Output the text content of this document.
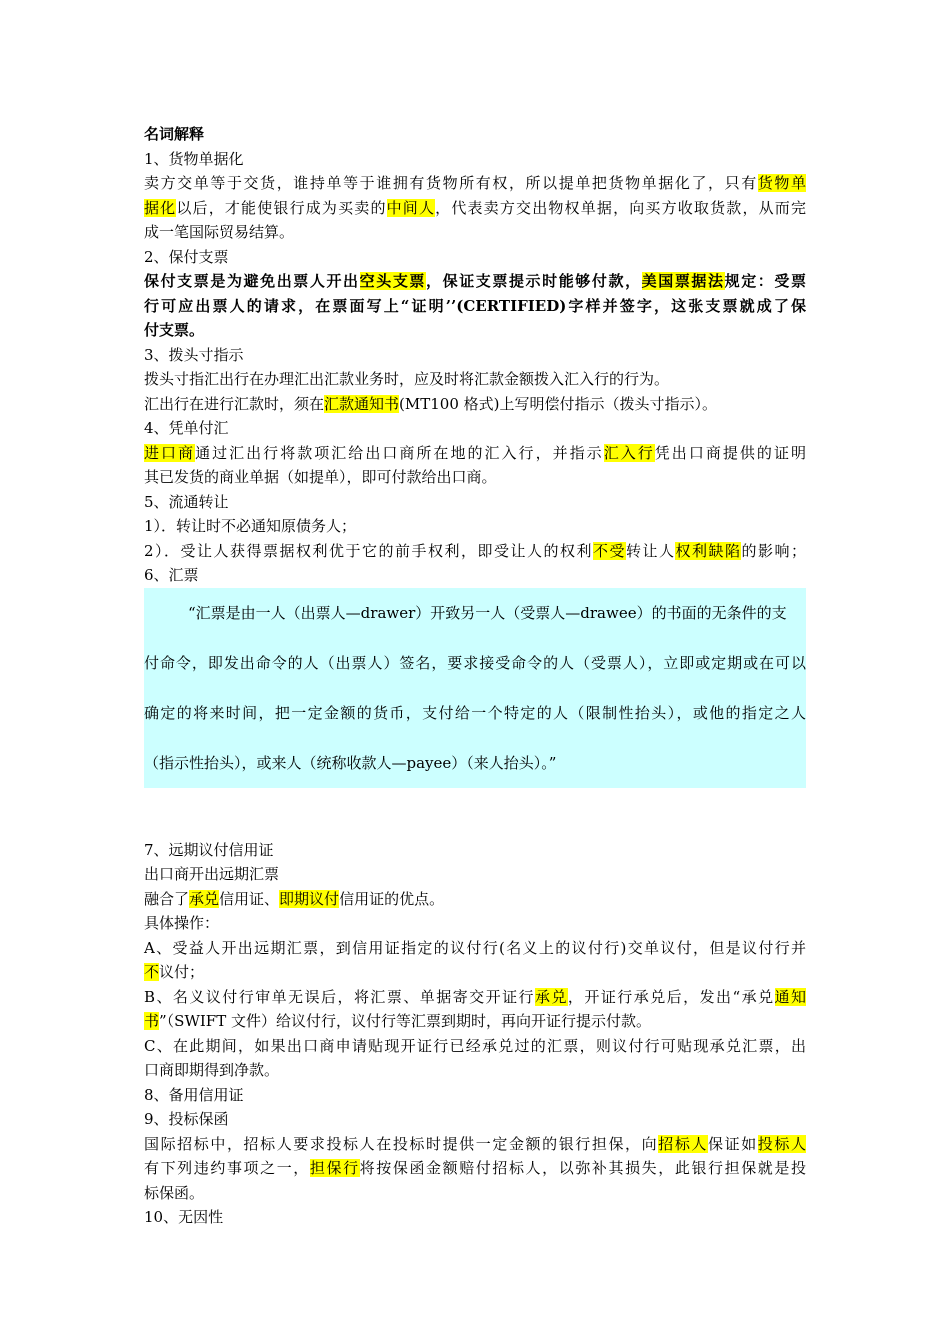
名词解释
1、货物单据化
卖方交单等于交货，谁持单等于谁拥有货物所有权，所以提单把货物单据化了，只有货物单
据化以后，才能使银行成为买卖的中间人，代表卖方交出物权单据，向买方收取货款，从而完
成一笔国际贸易结算。
2、保付支票
保付支票是为避免出票人开出空头支票，保证支票提示时能够付款，美国票据法规定：受票
行可应出票人的请求，在票面写上“证明’’(CERTIFIED)字样并签字，这张支票就成了保
付支票。
3、拨头寸指示
拨头寸指汇出行在办理汇出汇款业务时，应及时将汇款金额拨入汇入行的行为。
汇出行在进行汇款时，须在汇款通知书(MT100 格式)上写明偿付指示（拨头寸指示）。
4、凭单付汇
进口商通过汇出行将款项汇给出口商所在地的汇入行，并指示汇入行凭出口商提供的证明
其已发货的商业单据（如提单），即可付款给出口商。
5、流通转让
1）．转让时不必通知原债务人；
2）．受让人获得票据权利优于它的前手权利，即受让人的权利不受转让人权利缺陷的影响；
6、汇票
“汇票是由一人（出票人—drawer）开致另一人（受票人—drawee）的书面的无条件的支
付命令，即发出命令的人（出票人）签名，要求接受命令的人（受票人），立即或定期或在可以
确定的将来时间，把一定金额的货币，支付给一个特定的人（限制性抬头），或他的指定之人
（指示性抬头），或来人（统称收款人—payee）（来人抬头）。”
7、远期议付信用证
出口商开出远期汇票
融合了承兑信用证、即期议付信用证的优点。
具体操作：
A、受益人开出远期汇票，到信用证指定的议付行(名义上的议付行)交单议付，但是议付行并
不议付；
B、名义议付行审单无误后，将汇票、单据寄交开证行承兑，开证行承兑后，发出“承兑通知
书”（SWIFT 文件）给议付行，议付行等汇票到期时，再向开证行提示付款。
C、在此期间，如果出口商申请贴现开证行已经承兑过的汇票，则议付行可贴现承兑汇票，出
口商即期得到净款。
8、备用信用证
9、投标保函
国际招标中，招标人要求投标人在投标时提供一定金额的银行担保，向招标人保证如投标人
有下列违约事项之一，担保行将按保函金额赔付招标人，以弥补其损失，此银行担保就是投
标保函。
10、无因性
